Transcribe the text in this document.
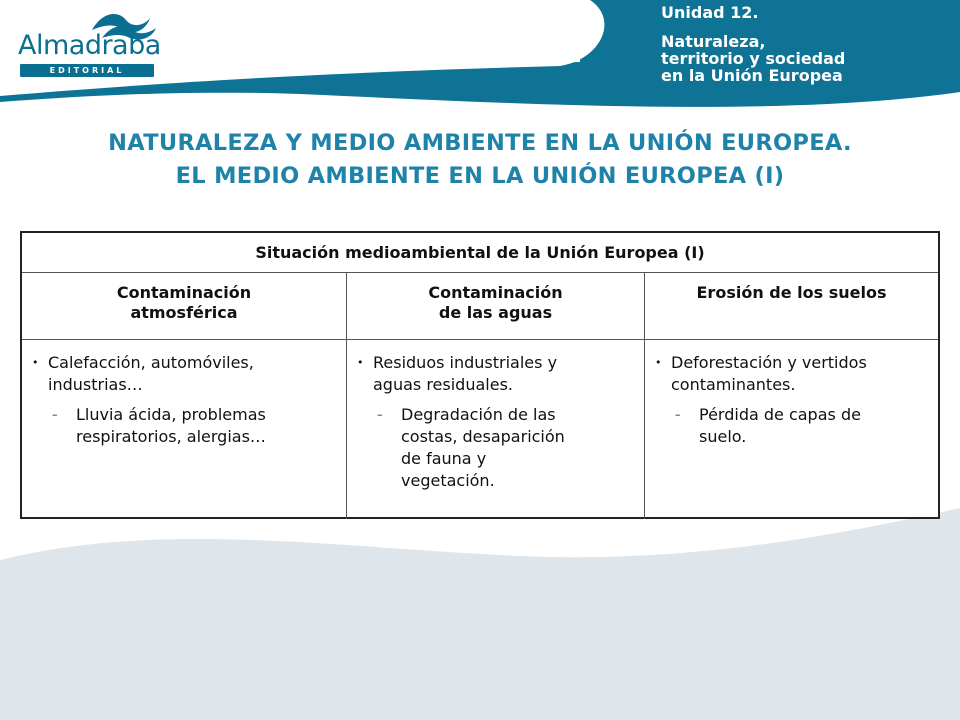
Almadraba
EDITORIAL
Unidad 12.
Naturaleza,
territorio y sociedad
en la Unión Europea
NATURALEZA Y MEDIO AMBIENTE EN LA UNIÓN EUROPEA.
EL MEDIO AMBIENTE EN LA UNIÓN EUROPEA (I)
Situación medioambiental de la Unión Europea (I)
Contaminación
atmosférica
Contaminación
de las aguas
Erosión de los suelos
• Calefacción, automóviles,
industrias…
– Lluvia ácida, problemas
respiratorios, alergias…
• Residuos industriales y
aguas residuales.
– Degradación de las
costas, desaparición
de fauna y
vegetación.
• Deforestación y vertidos
contaminantes.
– Pérdida de capas de
suelo.
